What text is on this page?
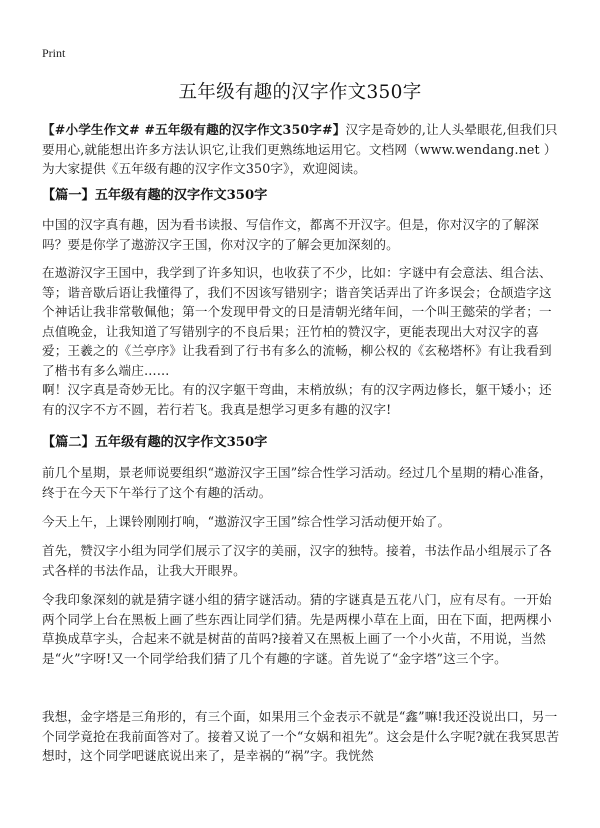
Print
五年级有趣的汉字作文350字

【#小学生作文# #五年级有趣的汉字作文350字#】汉字是奇妙的,让人头晕眼花,但我们只要用心,就能想出许多方法认识它,让我们更熟练地运用它。文档网（www.wendang.net ）为大家提供《五年级有趣的汉字作文350字》，欢迎阅读。

【篇一】五年级有趣的汉字作文350字

中国的汉字真有趣，因为看书读报、写信作文，都离不开汉字。但是，你对汉字的了解深吗？要是你学了遨游汉字王国，你对汉字的了解会更加深刻的。

在遨游汉字王国中，我学到了许多知识，也收获了不少，比如：字谜中有会意法、组合法、等；谐音歇后语让我懂得了，我们不因该写错别字；谐音笑话弄出了许多误会；仓颉造字这个神话让我非常敬佩他；第一个发现甲骨文的日是清朝光绪年间，一个叫王懿荣的学者；一点值晚金，让我知道了写错别字的不良后果；汪竹柏的赞汉字，更能表现出大对汉字的喜爱；王羲之的《兰亭序》让我看到了行书有多么的流畅，柳公权的《玄秘塔杯》有让我看到了楷书有多么端庄……

啊！汉字真是奇妙无比。有的汉字躯干弯曲，末梢放纵；有的汉字两边修长，躯干矮小；还有的汉字不方不圆，若行若飞。我真是想学习更多有趣的汉字!

【篇二】五年级有趣的汉字作文350字

前几个星期，景老师说要组织“遨游汉字王国”综合性学习活动。经过几个星期的精心准备，终于在今天下午举行了这个有趣的活动。

今天上午，上课铃刚刚打响，“遨游汉字王国”综合性学习活动便开始了。

首先，赞汉字小组为同学们展示了汉字的美丽，汉字的独特。接着，书法作品小组展示了各式各样的书法作品，让我大开眼界。

令我印象深刻的就是猜字谜小组的猜字谜活动。猜的字谜真是五花八门，应有尽有。一开始两个同学上台在黑板上画了些东西让同学们猜。先是两棵小草在上面，田在下面，把两棵小草换成草字头，合起来不就是树苗的苗吗?接着又在黑板上画了一个小火苗，不用说，当然是“火”字呀!又一个同学给我们猜了几个有趣的字谜。首先说了“金字塔”这三个字。

我想，金字塔是三角形的，有三个面，如果用三个金表示不就是“鑫”嘛!我还没说出口，另一个同学竟抢在我前面答对了。接着又说了一个“女娲和祖先”。这会是什么字呢?就在我冥思苦想时，这个同学吧谜底说出来了，是幸祸的“祸”字。我恍然
